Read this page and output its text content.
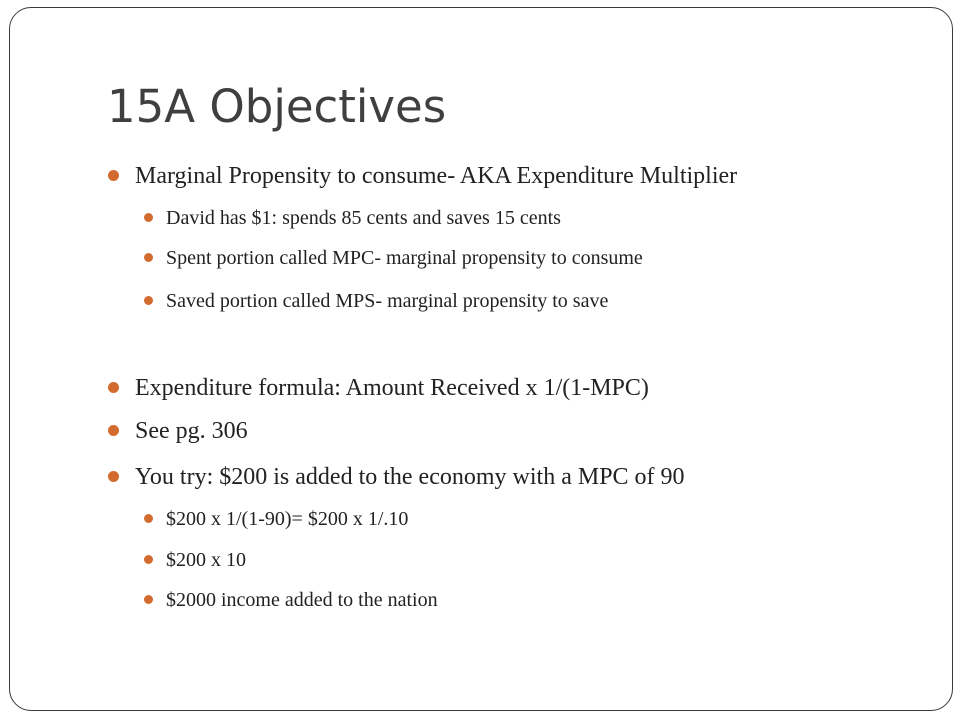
15A Objectives
Marginal Propensity to consume- AKA Expenditure Multiplier
David has $1: spends 85 cents and saves 15 cents
Spent portion called MPC- marginal propensity to consume
Saved portion called MPS- marginal propensity to save
Expenditure formula: Amount Received x 1/(1-MPC)
See pg. 306
You try: $200 is added to the economy with a MPC of 90
$200 x 1/(1-90)= $200 x 1/.10
$200 x 10
$2000 income added to the nation
